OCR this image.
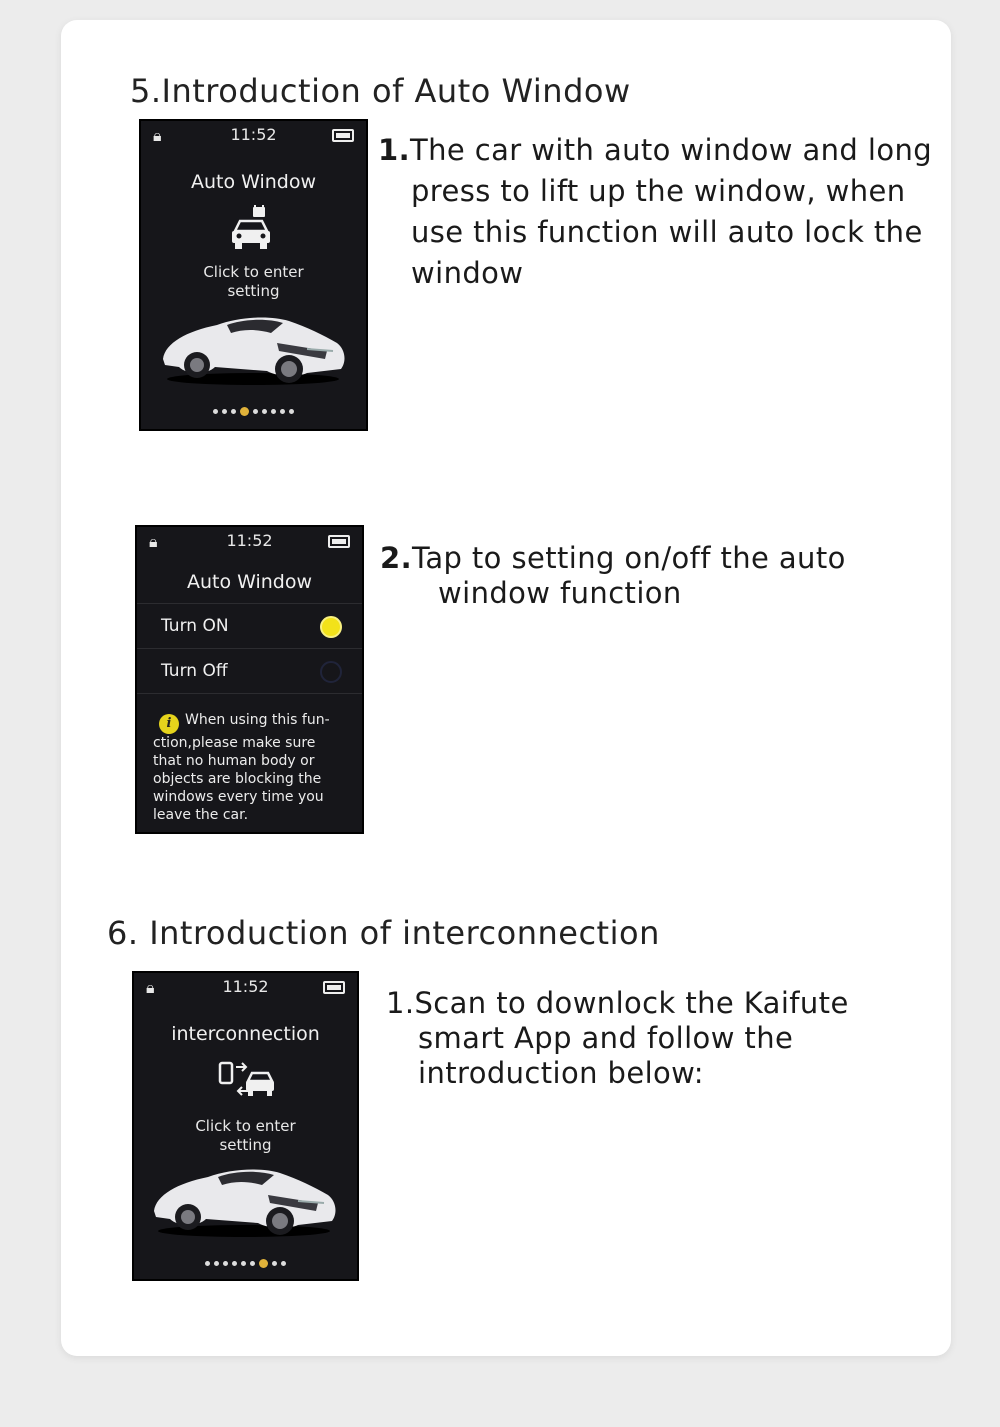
5.Introduction of Auto Window
🔒︎	11:52
Auto Window
Click to enter
setting
1.The car with auto window and long
press to lift up the window, when
use this function will auto lock the
window
🔒︎	11:52
Auto Window
Turn ON
Turn Off
i When using this fun-
ction,please make sure
that no human body or
objects are blocking the
windows every time you
leave the car.
2.Tap to setting on/off the auto
window function
6. Introduction of interconnection
🔒︎	11:52
interconnection
Click to enter
setting
1.Scan to downlock the Kaifute
smart App and follow the
introduction below:
